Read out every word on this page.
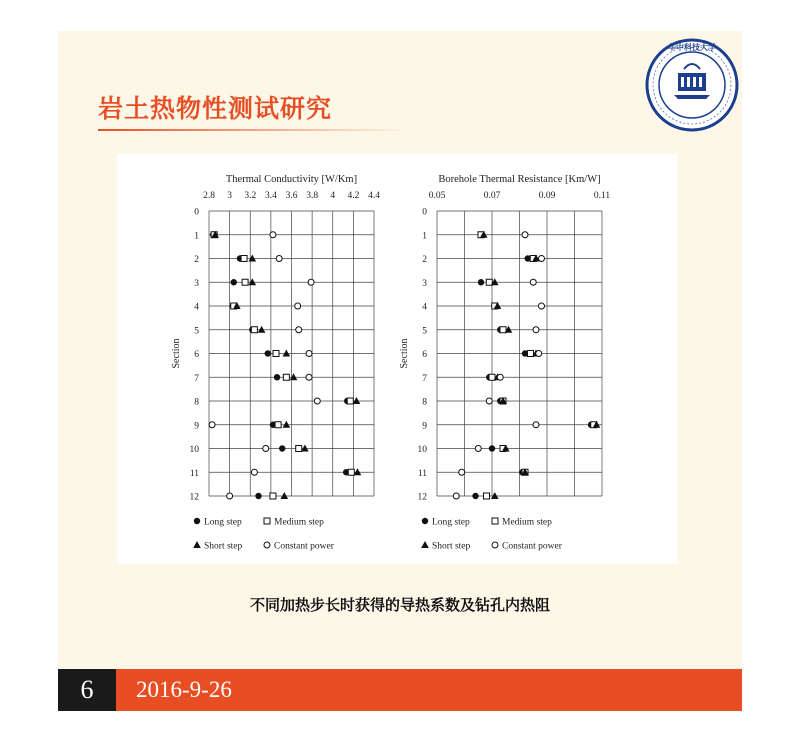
岩土热物性测试研究
华中科技大学
Thermal Conductivity [W/Km]
2.8 3 3.2 3.4 3.6 3.8 4 4.2 4.4
0
1
2
3
4
5
6
7
8
9
10
11
12
Section
Long step	Medium step
Short step	Constant power
Borehole Thermal Resistance [Km/W]
0.05	0.07	0.09	0.11
0
1
2
3
4
5
6
7
8
9
10
11
12
Section
Long step	Medium step
Short step	Constant power
不同加热步长时获得的导热系数及钻孔内热阻
6	2016-9-26
